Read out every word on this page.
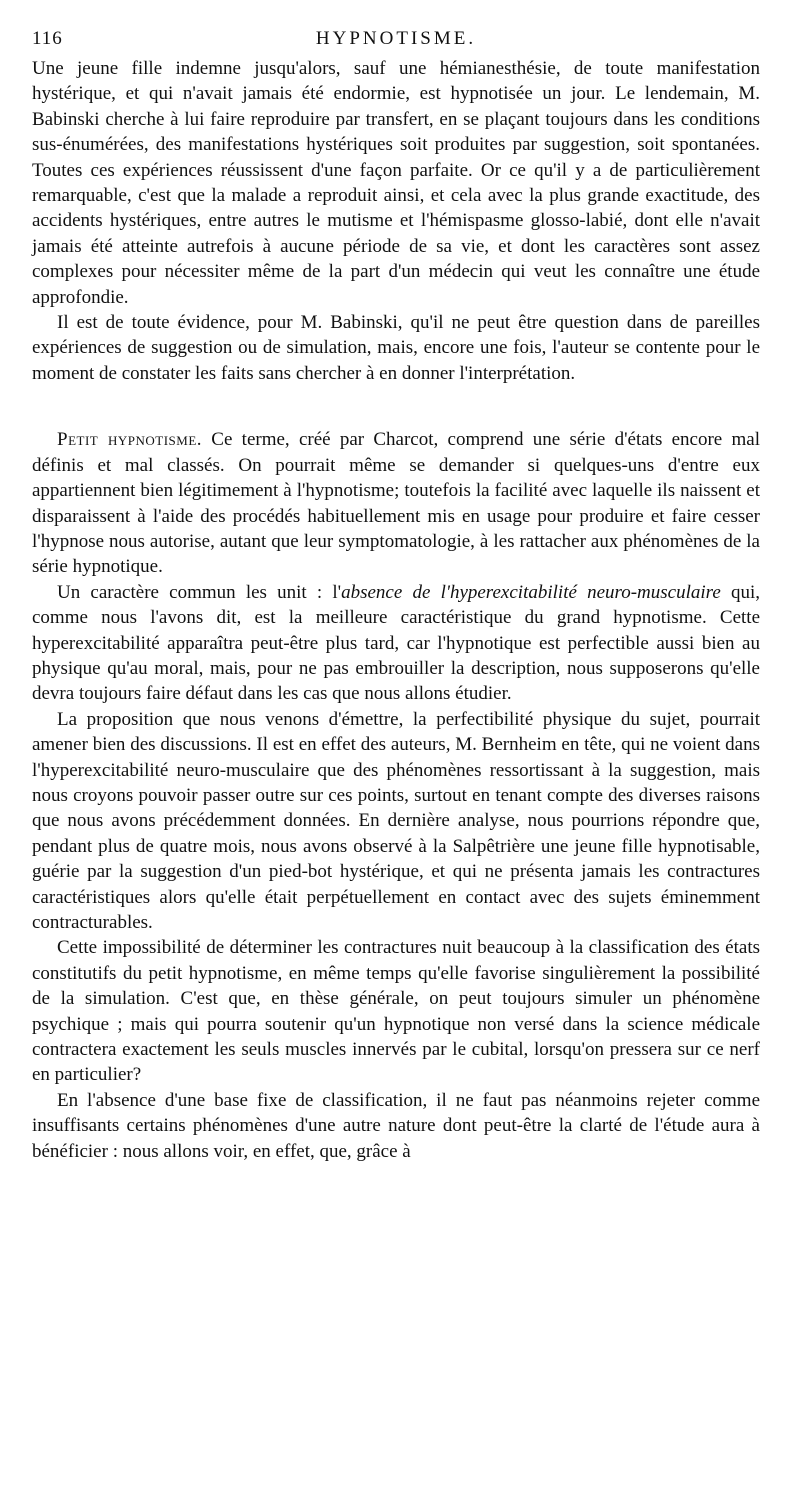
116	HYPNOTISME.

Une jeune fille indemne jusqu'alors, sauf une hémianesthésie, de toute manifestation hystérique, et qui n'avait jamais été endormie, est hypnotisée un jour. Le lendemain, M. Babinski cherche à lui faire reproduire par transfert, en se plaçant toujours dans les conditions sus-énumérées, des manifestations hystériques soit produites par suggestion, soit spontanées. Toutes ces expériences réussissent d'une façon parfaite. Or ce qu'il y a de particulièrement remarquable, c'est que la malade a reproduit ainsi, et cela avec la plus grande exactitude, des accidents hystériques, entre autres le mutisme et l'hémispasme glosso-labié, dont elle n'avait jamais été atteinte autrefois à aucune période de sa vie, et dont les caractères sont assez complexes pour nécessiter même de la part d'un médecin qui veut les connaître une étude approfondie.

Il est de toute évidence, pour M. Babinski, qu'il ne peut être question dans de pareilles expériences de suggestion ou de simulation, mais, encore une fois, l'auteur se contente pour le moment de constater les faits sans chercher à en donner l'interprétation.

Petit hypnotisme. Ce terme, créé par Charcot, comprend une série d'états encore mal définis et mal classés. On pourrait même se demander si quelques-uns d'entre eux appartiennent bien légitimement à l'hypnotisme; toutefois la facilité avec laquelle ils naissent et disparaissent à l'aide des procédés habituellement mis en usage pour produire et faire cesser l'hypnose nous autorise, autant que leur symptomatologie, à les rattacher aux phénomènes de la série hypnotique.

Un caractère commun les unit : l'absence de l'hyperexcitabilité neuro-musculaire qui, comme nous l'avons dit, est la meilleure caractéristique du grand hypnotisme. Cette hyperexcitabilité apparaîtra peut-être plus tard, car l'hypnotique est perfectible aussi bien au physique qu'au moral, mais, pour ne pas embrouiller la description, nous supposerons qu'elle devra toujours faire défaut dans les cas que nous allons étudier.

La proposition que nous venons d'émettre, la perfectibilité physique du sujet, pourrait amener bien des discussions. Il est en effet des auteurs, M. Bernheim en tête, qui ne voient dans l'hyperexcitabilité neuro-musculaire que des phénomènes ressortissant à la suggestion, mais nous croyons pouvoir passer outre sur ces points, surtout en tenant compte des diverses raisons que nous avons précédemment données. En dernière analyse, nous pourrions répondre que, pendant plus de quatre mois, nous avons observé à la Salpêtrière une jeune fille hypnotisable, guérie par la suggestion d'un pied-bot hystérique, et qui ne présenta jamais les contractures caractéristiques alors qu'elle était perpétuellement en contact avec des sujets éminemment contracturables.

Cette impossibilité de déterminer les contractures nuit beaucoup à la classification des états constitutifs du petit hypnotisme, en même temps qu'elle favorise singulièrement la possibilité de la simulation. C'est que, en thèse générale, on peut toujours simuler un phénomène psychique ; mais qui pourra soutenir qu'un hypnotique non versé dans la science médicale contractera exactement les seuls muscles innervés par le cubital, lorsqu'on pressera sur ce nerf en particulier?

En l'absence d'une base fixe de classification, il ne faut pas néanmoins rejeter comme insuffisants certains phénomènes d'une autre nature dont peut-être la clarté de l'étude aura à bénéficier : nous allons voir, en effet, que, grâce à
